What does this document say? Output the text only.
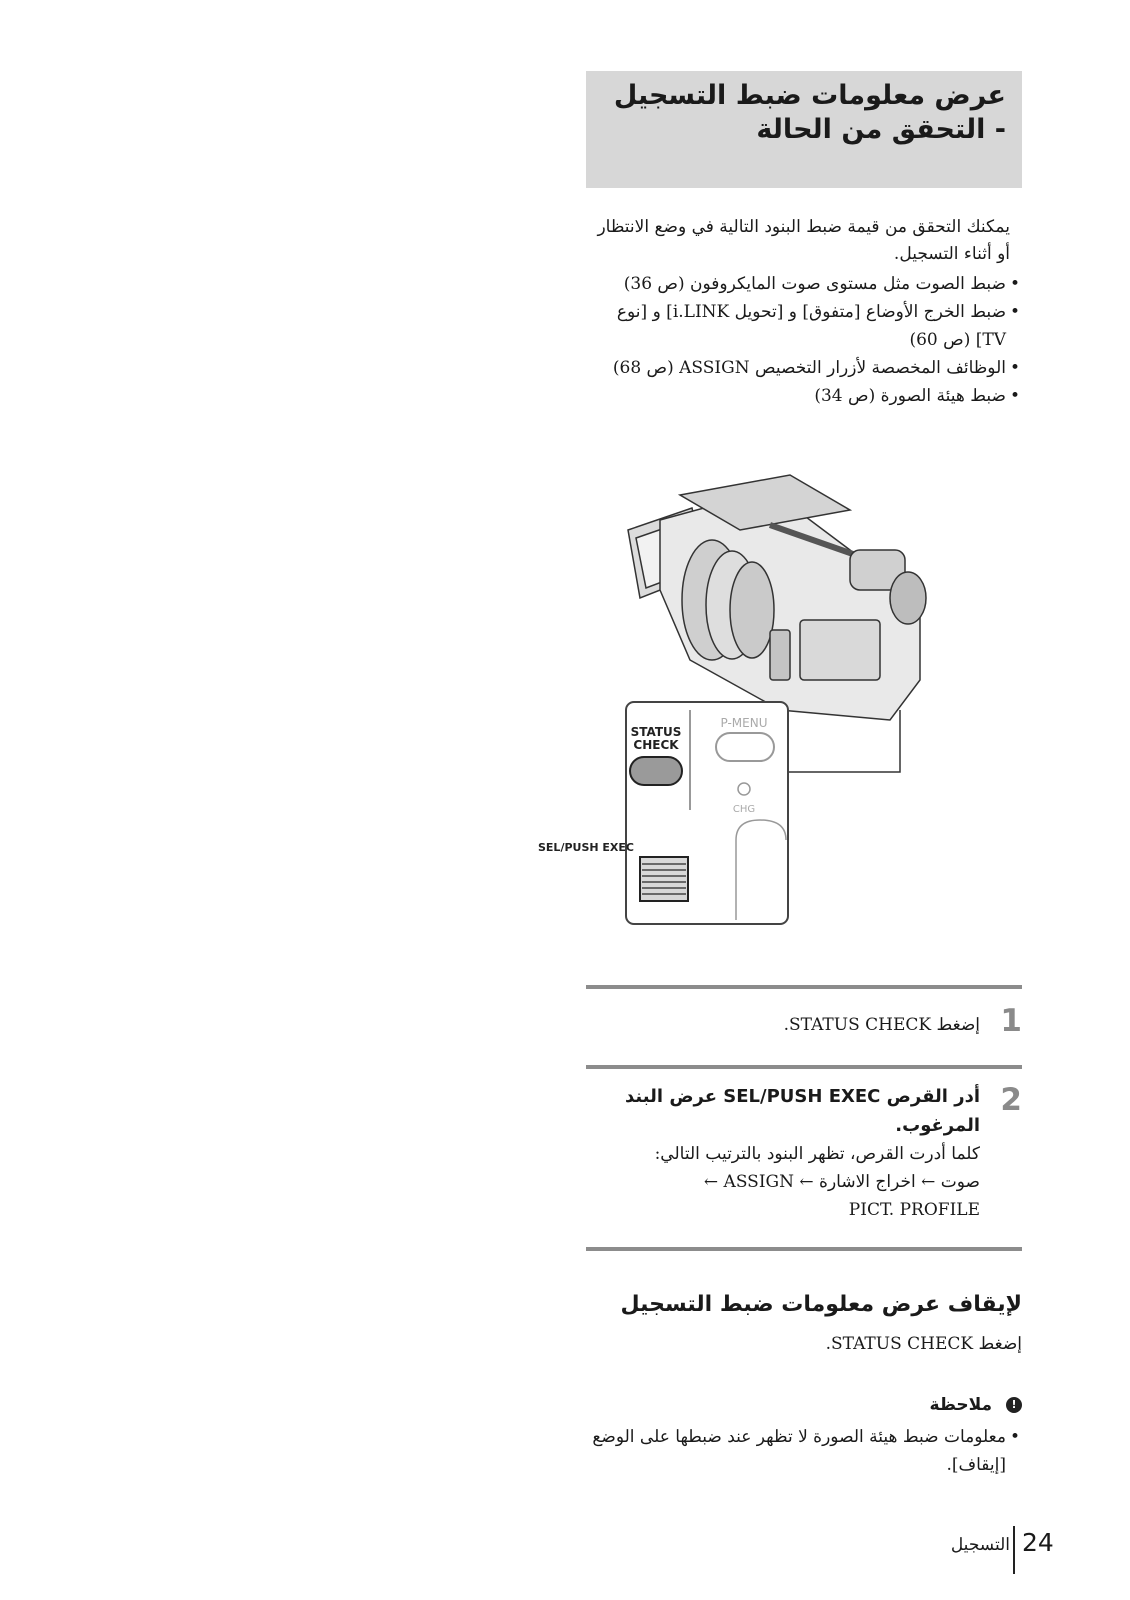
عرض معلومات ضبط التسجيل
- التحقق من الحالة

يمكنك التحقق من قيمة ضبط البنود التالية في وضع الانتظار أو أثناء التسجيل.

• ضبط الصوت مثل مستوى صوت المايكروفون (ص 36)
• ضبط الخرج الأوضاع [متفوق] و [تحويل i.LINK] و [نوع TV] (ص 60)
• الوظائف المخصصة لأزرار التخصيص ASSIGN (ص 68)
• ضبط هيئة الصورة (ص 34)
STATUS
CHECK
P-MENU
CHG
SEL/PUSH EXEC
1
إضغط STATUS CHECK.
2
أدر القرص SEL/PUSH EXEC عرض البند
المرغوب.
كلما أدرت القرص، تظهر البنود بالترتيب التالي:
صوت ← اخراج الاشارة ← ASSIGN ←
PICT. PROFILE
لإيقاف عرض معلومات ضبط التسجيل
إضغط STATUS CHECK.
! ملاحظة
• معلومات ضبط هيئة الصورة لا تظهر عند ضبطها على الوضع [إيقاف].
التسجيل 24
